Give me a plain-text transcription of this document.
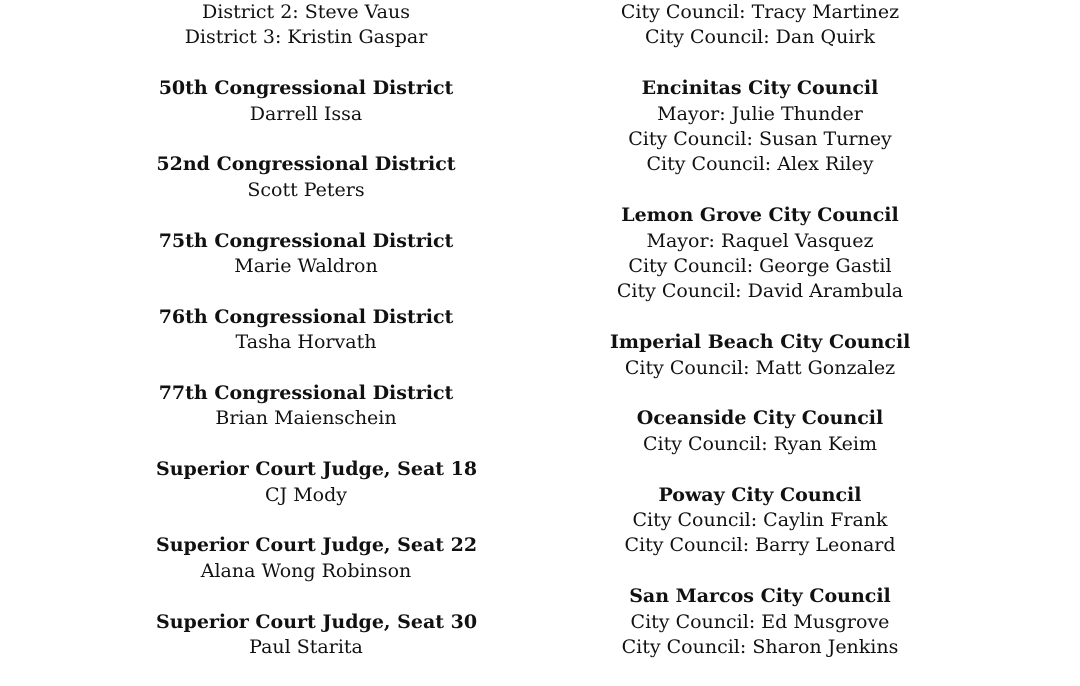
District 2: Steve Vaus
District 3: Kristin Gaspar
50th Congressional District
Darrell Issa
52nd Congressional District
Scott Peters
75th Congressional District
Marie Waldron
76th Congressional District
Tasha Horvath
77th Congressional District
Brian Maienschein
Superior Court Judge, Seat 18
CJ Mody
Superior Court Judge, Seat 22
Alana Wong Robinson
Superior Court Judge, Seat 30
Paul Starita
City Council: Tracy Martinez
City Council: Dan Quirk
Encinitas City Council
Mayor: Julie Thunder
City Council: Susan Turney
City Council: Alex Riley
Lemon Grove City Council
Mayor: Raquel Vasquez
City Council: George Gastil
City Council: David Arambula
Imperial Beach City Council
City Council: Matt Gonzalez
Oceanside City Council
City Council: Ryan Keim
Poway City Council
City Council: Caylin Frank
City Council: Barry Leonard
San Marcos City Council
City Council: Ed Musgrove
City Council: Sharon Jenkins
